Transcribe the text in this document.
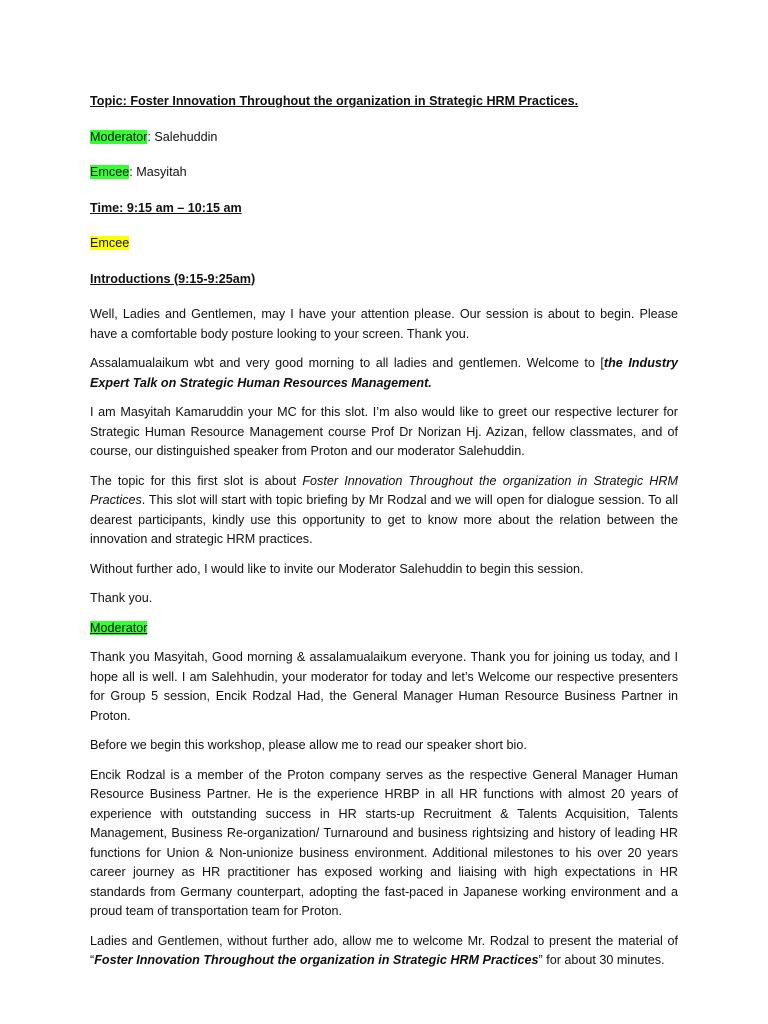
Topic: Foster Innovation Throughout the organization in Strategic HRM Practices.

Moderator: Salehuddin

Emcee: Masyitah

Time: 9:15 am – 10:15 am

Emcee

Introductions (9:15-9:25am)

Well, Ladies and Gentlemen, may I have your attention please. Our session is about to begin. Please have a comfortable body posture looking to your screen. Thank you.

Assalamualaikum wbt and very good morning to all ladies and gentlemen. Welcome to [the Industry Expert Talk on Strategic Human Resources Management.

I am Masyitah Kamaruddin your MC for this slot. I’m also would like to greet our respective lecturer for Strategic Human Resource Management course Prof Dr Norizan Hj. Azizan, fellow classmates, and of course, our distinguished speaker from Proton and our moderator Salehuddin.

The topic for this first slot is about Foster Innovation Throughout the organization in Strategic HRM Practices. This slot will start with topic briefing by Mr Rodzal and we will open for dialogue session. To all dearest participants, kindly use this opportunity to get to know more about the relation between the innovation and strategic HRM practices.

Without further ado, I would like to invite our Moderator Salehuddin to begin this session.

Thank you.

Moderator

Thank you Masyitah, Good morning & assalamualaikum everyone. Thank you for joining us today, and I hope all is well. I am Salehhudin, your moderator for today and let’s Welcome our respective presenters for Group 5 session, Encik Rodzal Had, the General Manager Human Resource Business Partner in Proton.

Before we begin this workshop, please allow me to read our speaker short bio.

Encik Rodzal is a member of the Proton company serves as the respective General Manager Human Resource Business Partner. He is the experience HRBP in all HR functions with almost 20 years of experience with outstanding success in HR starts-up Recruitment & Talents Acquisition, Talents Management, Business Re-organization/ Turnaround and business rightsizing and history of leading HR functions for Union & Non-unionize business environment. Additional milestones to his over 20 years career journey as HR practitioner has exposed working and liaising with high expectations in HR standards from Germany counterpart, adopting the fast-paced in Japanese working environment and a proud team of transportation team for Proton.

Ladies and Gentlemen, without further ado, allow me to welcome Mr. Rodzal to present the material of “Foster Innovation Throughout the organization in Strategic HRM Practices” for about 30 minutes.
